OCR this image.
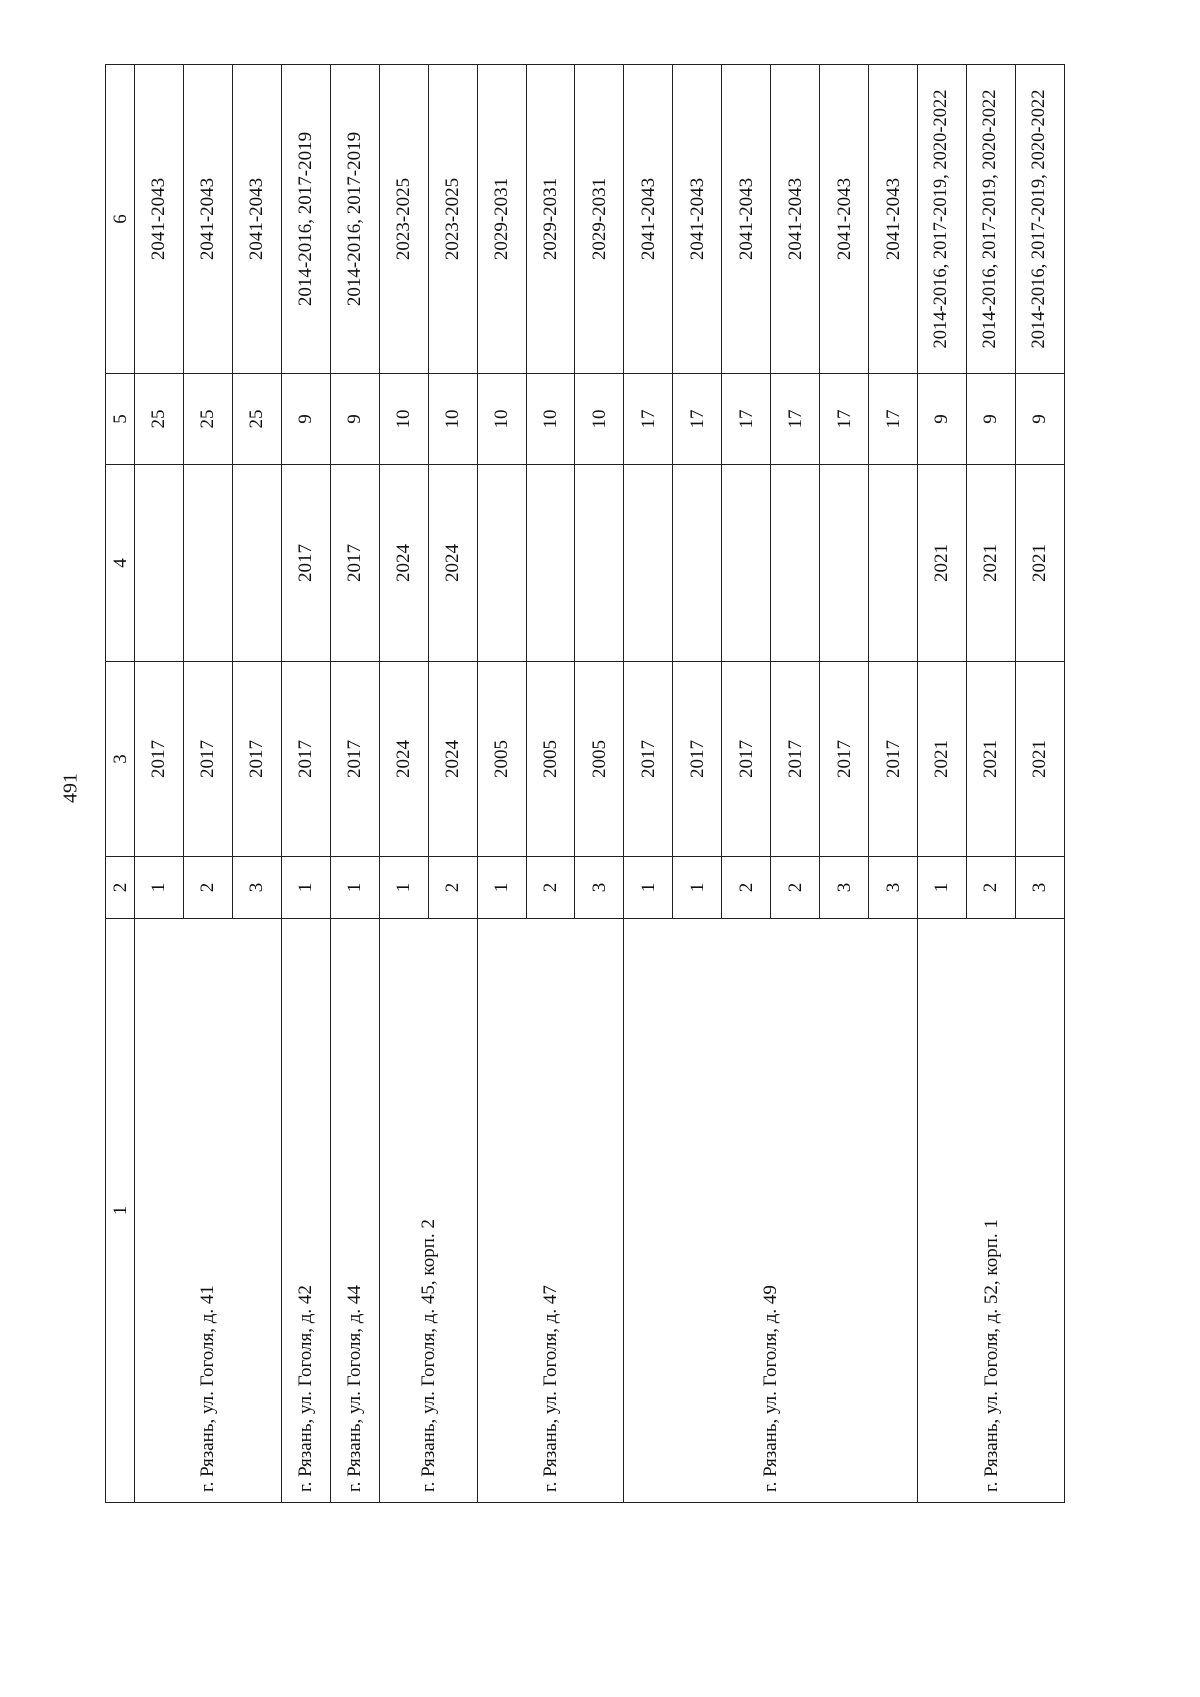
491
1	2	3	4	5	6
г. Рязань, ул. Гоголя, д. 41	1	2017		25	2041-2043
	2	2017		25	2041-2043
	3	2017		25	2041-2043
г. Рязань, ул. Гоголя, д. 42	1	2017	2017	9	2014-2016, 2017-2019
г. Рязань, ул. Гоголя, д. 44	1	2017	2017	9	2014-2016, 2017-2019
г. Рязань, ул. Гоголя, д. 45, корп. 2	1	2024	2024	10	2023-2025
	2	2024	2024	10	2023-2025
г. Рязань, ул. Гоголя, д. 47	1	2005		10	2029-2031
	2	2005		10	2029-2031
	3	2005		10	2029-2031
г. Рязань, ул. Гоголя, д. 49	1	2017		17	2041-2043
	1	2017		17	2041-2043
	2	2017		17	2041-2043
	2	2017		17	2041-2043
	3	2017		17	2041-2043
	3	2017		17	2041-2043
г. Рязань, ул. Гоголя, д. 52, корп. 1	1	2021	2021	9	2014-2016, 2017-2019, 2020-2022
	2	2021	2021	9	2014-2016, 2017-2019, 2020-2022
	3	2021	2021	9	2014-2016, 2017-2019, 2020-2022
